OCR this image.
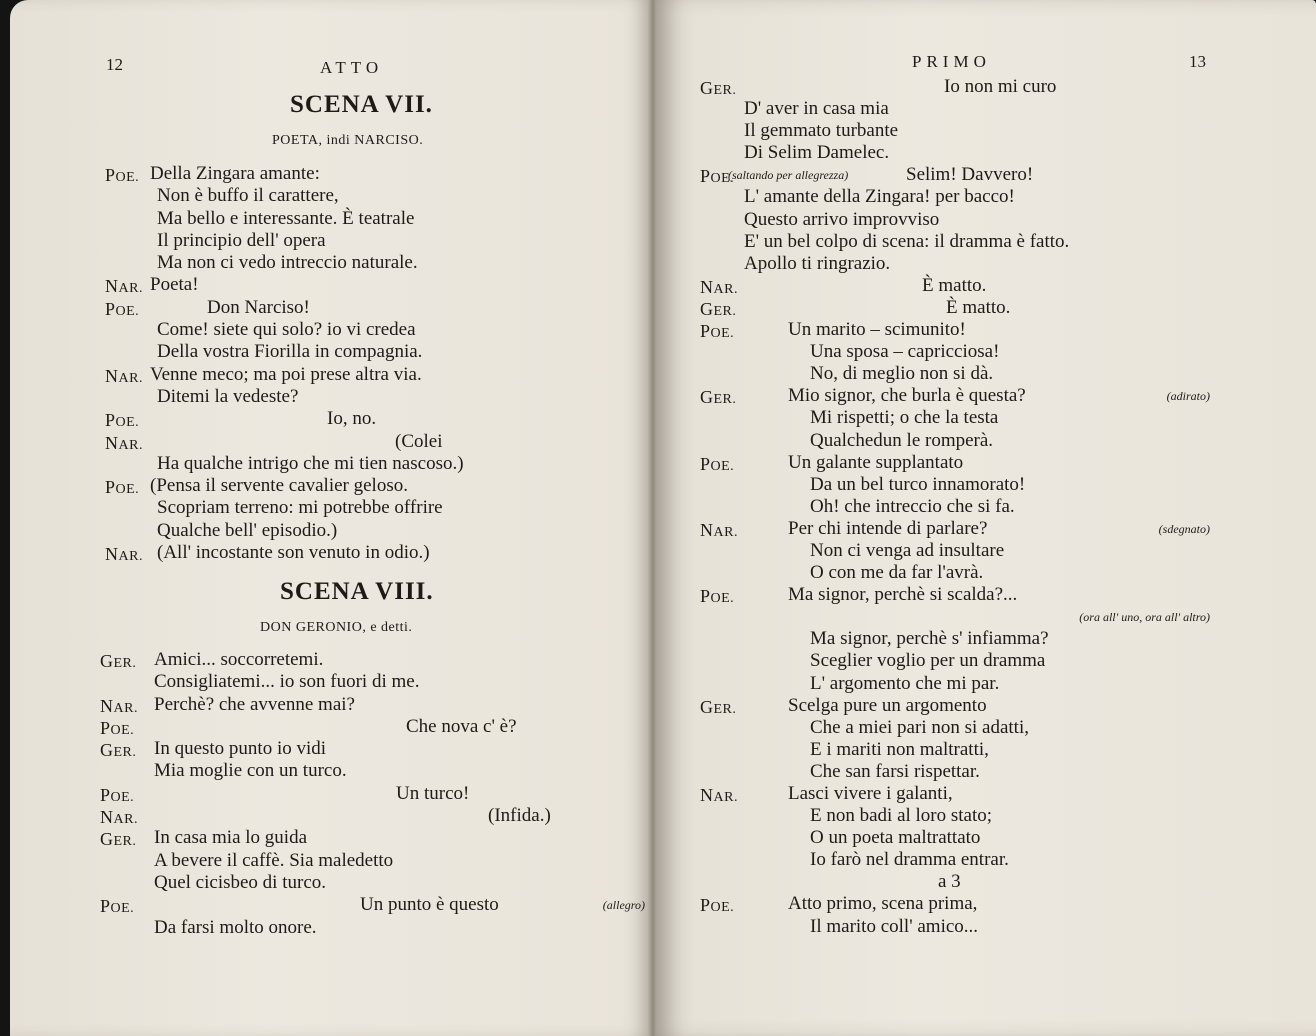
12	ATTO
SCENA VII.
POETA, indi NARCISO.
POE. Della Zingara amante:
Non è buffo il carattere,
Ma bello e interessante. È teatrale
Il principio dell' opera
Ma non ci vedo intreccio naturale.
NAR. Poeta!
POE.	Don Narciso!
Come! siete qui solo? io vi credea
Della vostra Fiorilla in compagnia.
NAR. Venne meco; ma poi prese altra via.
Ditemi la vedeste?
POE.	Io, no.
NAR.	(Colei
Ha qualche intrigo che mi tien nascoso.)
POE. (Pensa il servente cavalier geloso.
Scopriam terreno: mi potrebbe offrire
Qualche bell' episodio.)
NAR. (All' incostante son venuto in odio.)
SCENA VIII.
DON GERONIO, e detti.
GER. Amici... soccorretemi.
Consigliatemi... io son fuori di me.
NAR. Perchè? che avvenne mai?
POE.	Che nova c' è?
GER. In questo punto io vidi
Mia moglie con un turco.
POE.	Un turco!
NAR.	(Infida.)
GER. In casa mia lo guida
A bevere il caffè. Sia maledetto
Quel cicisbeo di turco.
POE.	Un punto è questo	(allegro)
Da farsi molto onore.
PRIMO	13
GER.	Io non mi curo
D' aver in casa mia
Il gemmato turbante
Di Selim Damelec.
POE.
(saltando per allegrezza)	Selim! Davvero!
L' amante della Zingara! per bacco!
Questo arrivo improvviso
E' un bel colpo di scena: il dramma è fatto.
Apollo ti ringrazio.
NAR.	È matto.
GER.	È matto.
POE.	Un marito – scimunito!
Una sposa – capricciosa!
No, di meglio non si dà.
GER.	Mio signor, che burla è questa?	(adirato)
Mi rispetti; o che la testa
Qualchedun le romperà.
POE.	Un galante supplantato
Da un bel turco innamorato!
Oh! che intreccio che si fa.
NAR.	Per chi intende di parlare?	(sdegnato)
Non ci venga ad insultare
O con me da far l'avrà.
POE.	Ma signor, perchè si scalda?...
(ora all' uno, ora all' altro)
Ma signor, perchè s' infiamma?
Sceglier voglio per un dramma
L' argomento che mi par.
GER.	Scelga pure un argomento
Che a miei pari non si adatti,
E i mariti non maltratti,
Che san farsi rispettar.
NAR.	Lasci vivere i galanti,
E non badi al loro stato;
O un poeta maltrattato
Io farò nel dramma entrar.
a 3
POE.	Atto primo, scena prima,
Il marito coll' amico...
